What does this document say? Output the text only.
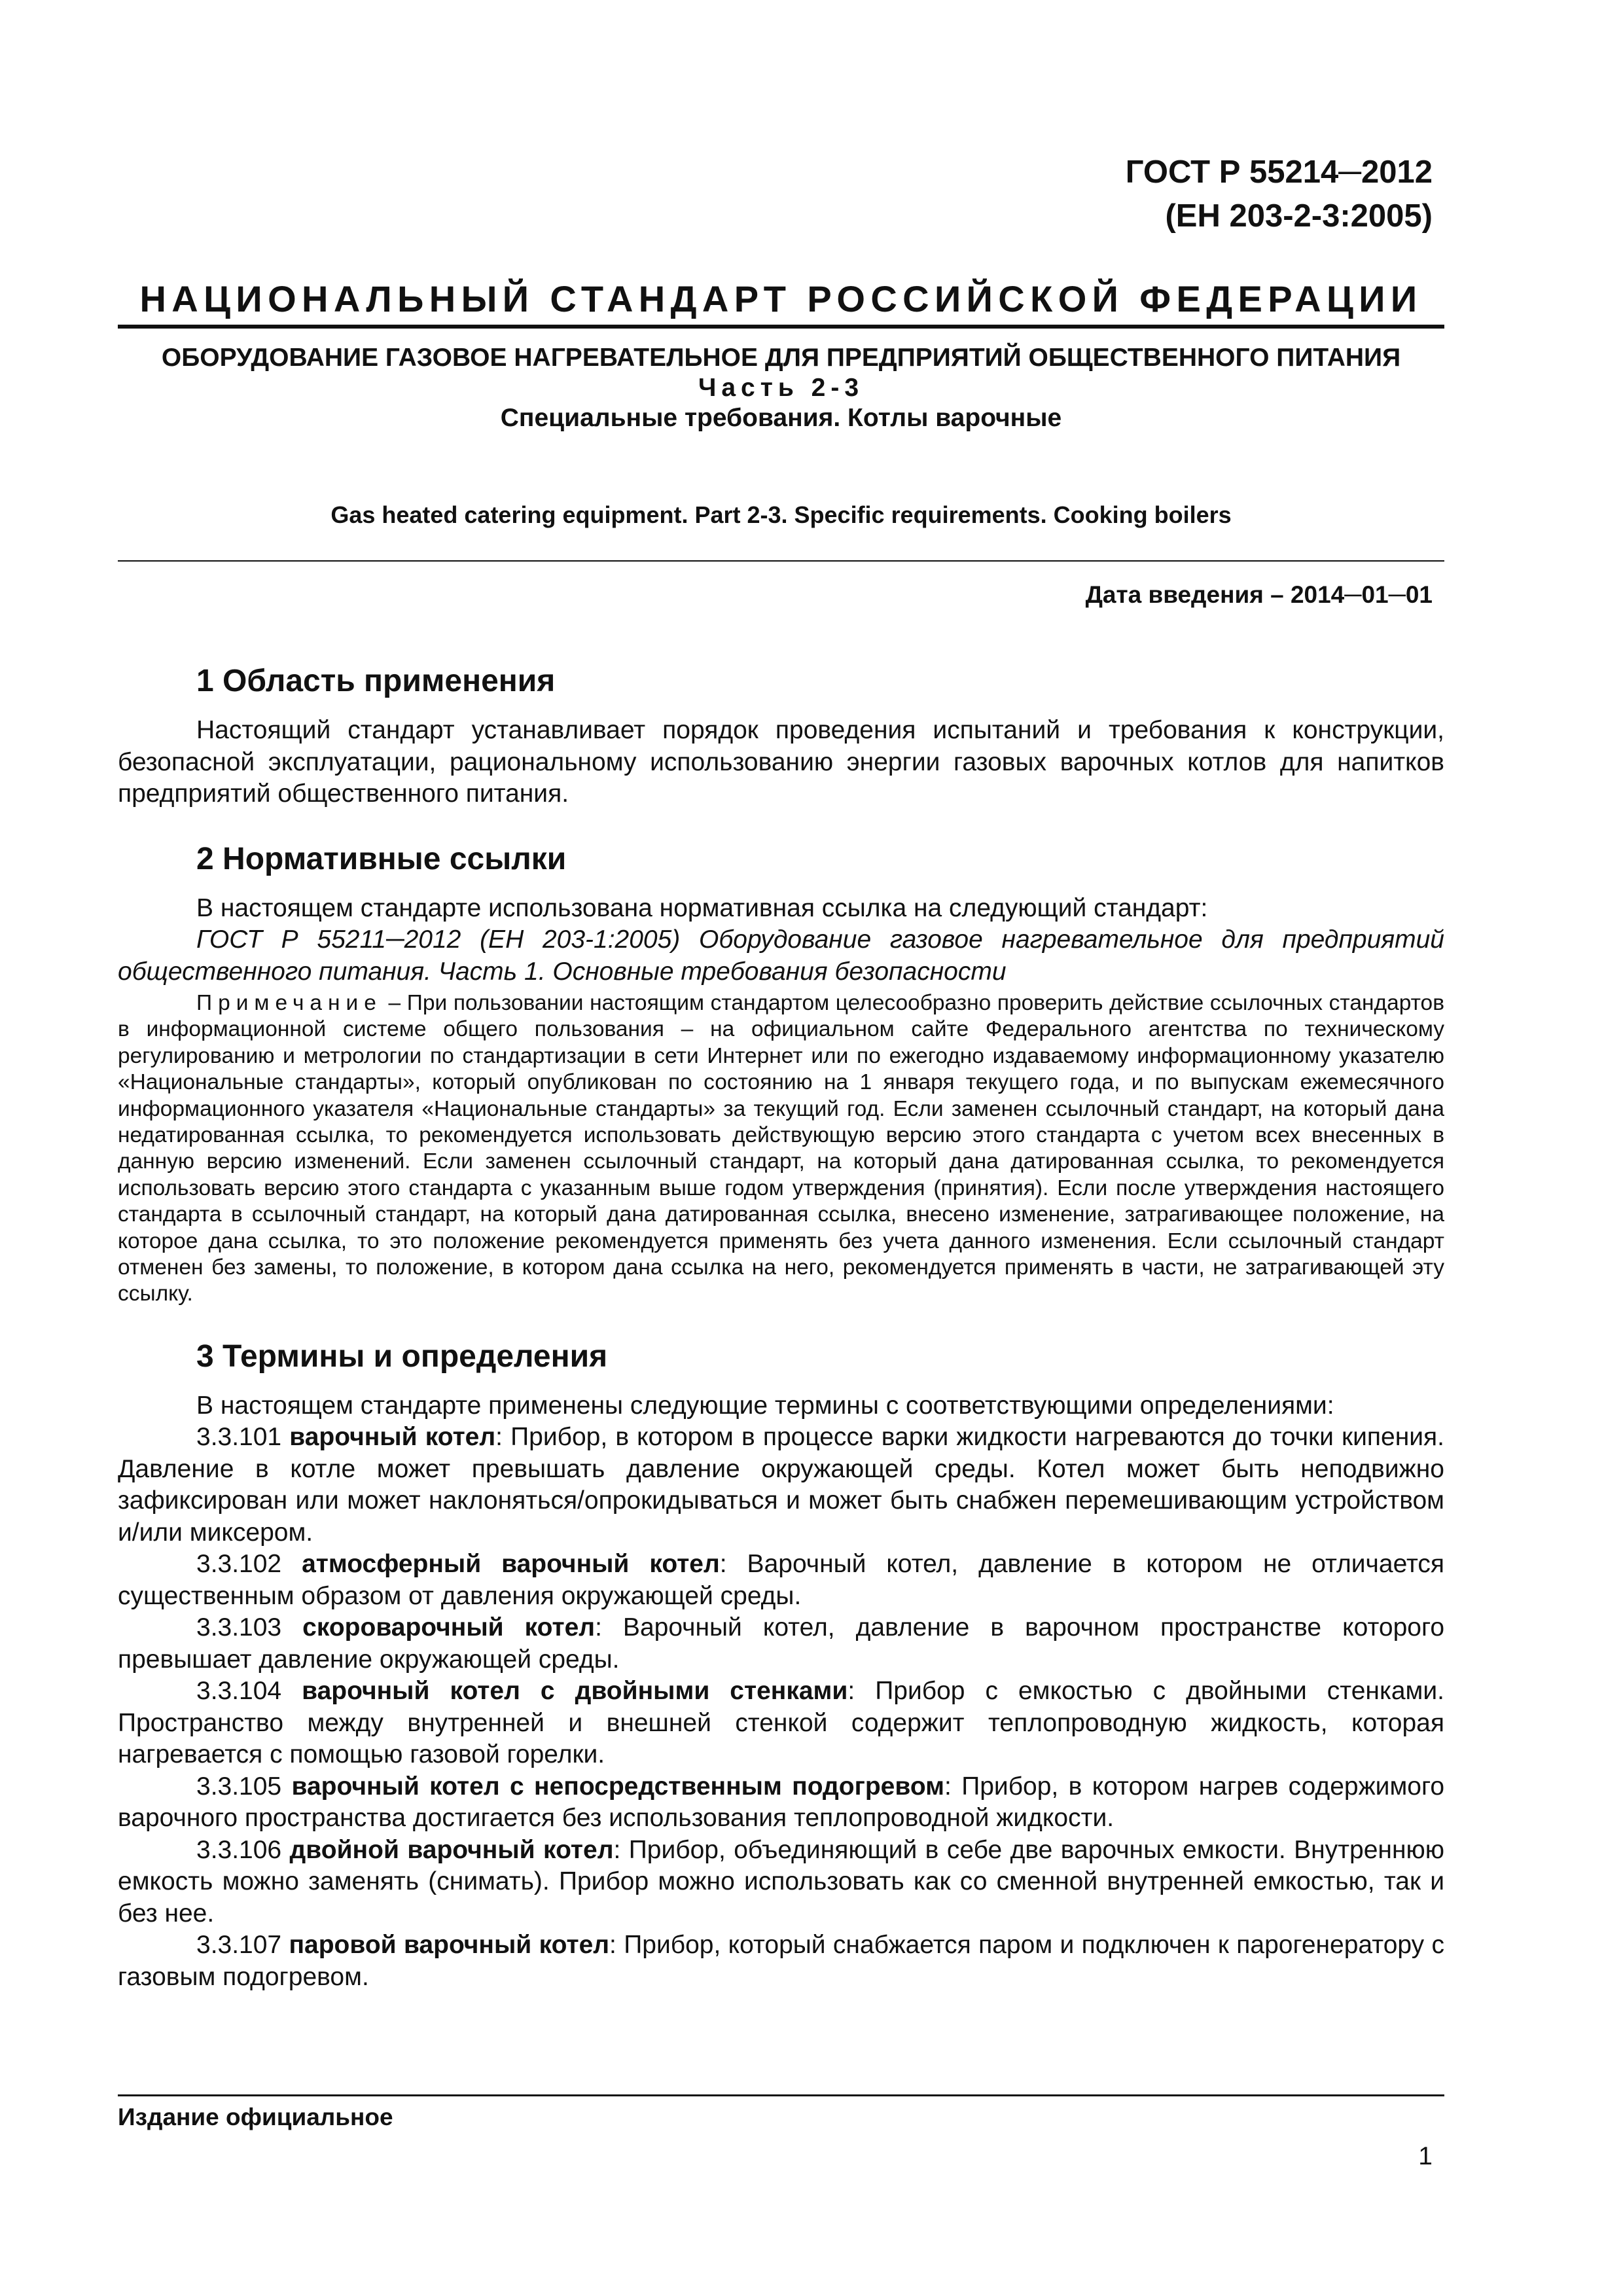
ГОСТ Р 55214─2012
(ЕН 203-2-3:2005)
НАЦИОНАЛЬНЫЙ СТАНДАРТ РОССИЙСКОЙ ФЕДЕРАЦИИ
ОБОРУДОВАНИЕ ГАЗОВОЕ НАГРЕВАТЕЛЬНОЕ ДЛЯ ПРЕДПРИЯТИЙ ОБЩЕСТВЕННОГО ПИТАНИЯ
Часть 2-3
Специальные требования. Котлы варочные
Gas heated catering equipment. Part 2-3. Specific requirements. Cooking boilers
Дата введения – 2014─01─01
1 Область применения

Настоящий стандарт устанавливает порядок проведения испытаний и требования к конструкции, безопасной эксплуатации, рациональному использованию энергии газовых варочных котлов для напитков предприятий общественного питания.

2 Нормативные ссылки

В настоящем стандарте использована нормативная ссылка на следующий стандарт:

ГОСТ Р 55211─2012 (ЕН 203-1:2005) Оборудование газовое нагревательное для предприятий общественного питания. Часть 1. Основные требования безопасности

Примечание – При пользовании настоящим стандартом целесообразно проверить действие ссылочных стандартов в информационной системе общего пользования – на официальном сайте Федерального агентства по техническому регулированию и метрологии по стандартизации в сети Интернет или по ежегодно издаваемому информационному указателю «Национальные стандарты», который опубликован по состоянию на 1 января текущего года, и по выпускам ежемесячного информационного указателя «Национальные стандарты» за текущий год. Если заменен ссылочный стандарт, на который дана недатированная ссылка, то рекомендуется использовать действующую версию этого стандарта с учетом всех внесенных в данную версию изменений. Если заменен ссылочный стандарт, на который дана датированная ссылка, то рекомендуется использовать версию этого стандарта с указанным выше годом утверждения (принятия). Если после утверждения настоящего стандарта в ссылочный стандарт, на который дана датированная ссылка, внесено изменение, затрагивающее положение, на которое дана ссылка, то это положение рекомендуется применять без учета данного изменения. Если ссылочный стандарт отменен без замены, то положение, в котором дана ссылка на него, рекомендуется применять в части, не затрагивающей эту ссылку.
3 Термины и определения

В настоящем стандарте применены следующие термины с соответствующими определениями:

3.3.101 варочный котел: Прибор, в котором в процессе варки жидкости нагреваются до точки кипения. Давление в котле может превышать давление окружающей среды. Котел может быть неподвижно зафиксирован или может наклоняться/опрокидываться и может быть снабжен перемешивающим устройством и/или миксером.

3.3.102 атмосферный варочный котел: Варочный котел, давление в котором не отличается существенным образом от давления окружающей среды.

3.3.103 скороварочный котел: Варочный котел, давление в варочном пространстве которого превышает давление окружающей среды.

3.3.104 варочный котел с двойными стенками: Прибор с емкостью с двойными стенками. Пространство между внутренней и внешней стенкой содержит теплопроводную жидкость, которая нагревается с помощью газовой горелки.

3.3.105 варочный котел с непосредственным подогревом: Прибор, в котором нагрев содержимого варочного пространства достигается без использования теплопроводной жидкости.

3.3.106 двойной варочный котел: Прибор, объединяющий в себе две варочных емкости. Внутреннюю емкость можно заменять (снимать). Прибор можно использовать как со сменной внутренней емкостью, так и без нее.

3.3.107 паровой варочный котел: Прибор, который снабжается паром и подключен к парогенератору с газовым подогревом.

Издание официальное
1
